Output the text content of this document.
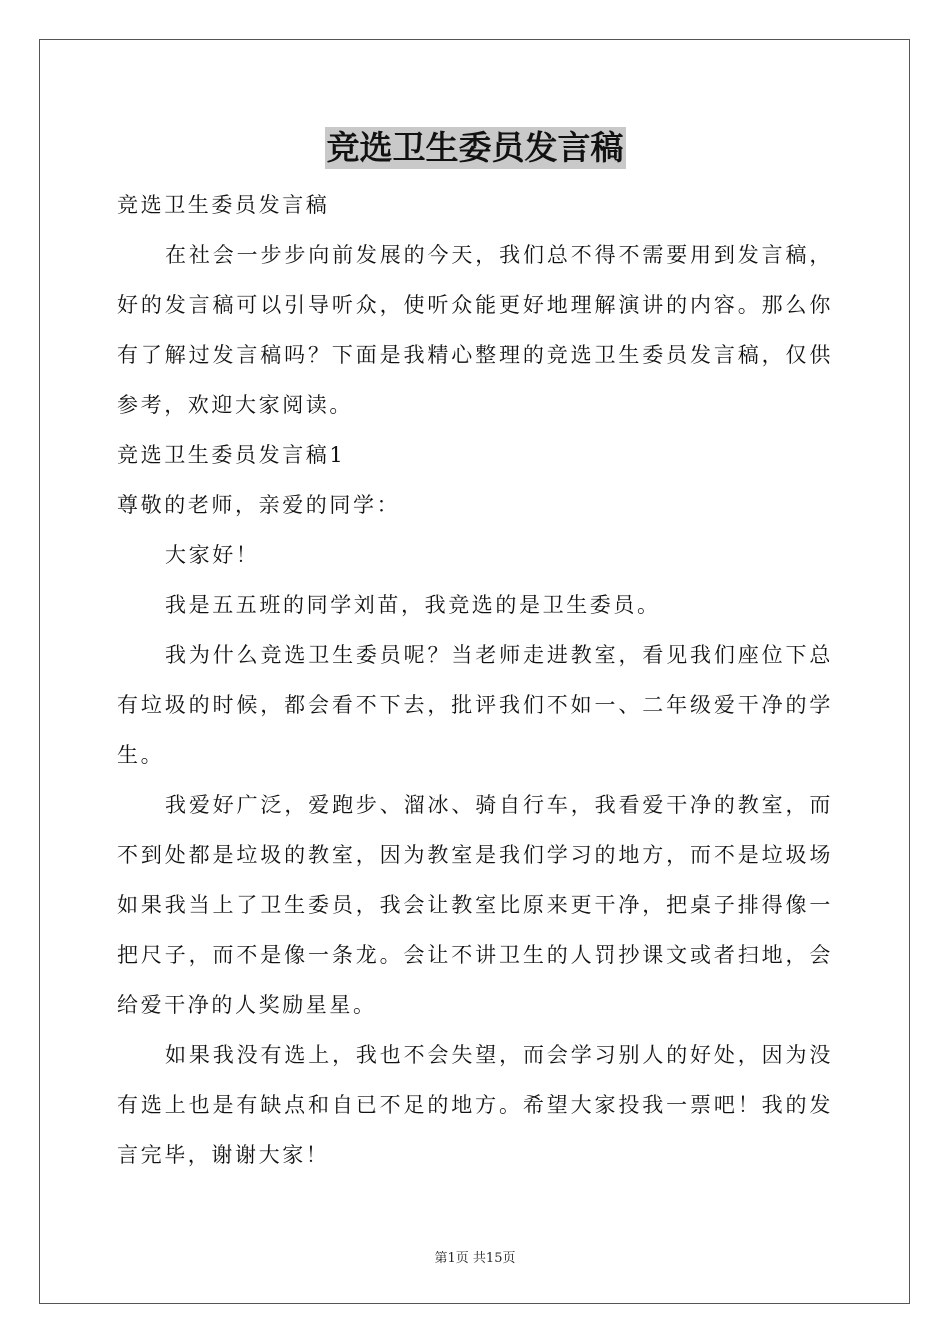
竞选卫生委员发言稿

竞选卫生委员发言稿

在社会一步步向前发展的今天，我们总不得不需要用到发言稿，好的发言稿可以引导听众，使听众能更好地理解演讲的内容。那么你有了解过发言稿吗？下面是我精心整理的竞选卫生委员发言稿，仅供参考，欢迎大家阅读。

竞选卫生委员发言稿1

尊敬的老师，亲爱的同学：

大家好！

我是五五班的同学刘苗，我竞选的是卫生委员。

我为什么竞选卫生委员呢？当老师走进教室，看见我们座位下总有垃圾的时候，都会看不下去，批评我们不如一、二年级爱干净的学生。

我爱好广泛，爱跑步、溜冰、骑自行车，我看爱干净的教室，而不到处都是垃圾的教室，因为教室是我们学习的地方，而不是垃圾场如果我当上了卫生委员，我会让教室比原来更干净，把桌子排得像一把尺子，而不是像一条龙。会让不讲卫生的人罚抄课文或者扫地，会给爱干净的人奖励星星。

如果我没有选上，我也不会失望，而会学习别人的好处，因为没有选上也是有缺点和自已不足的地方。希望大家投我一票吧！我的发言完毕，谢谢大家！

第1页 共15页
